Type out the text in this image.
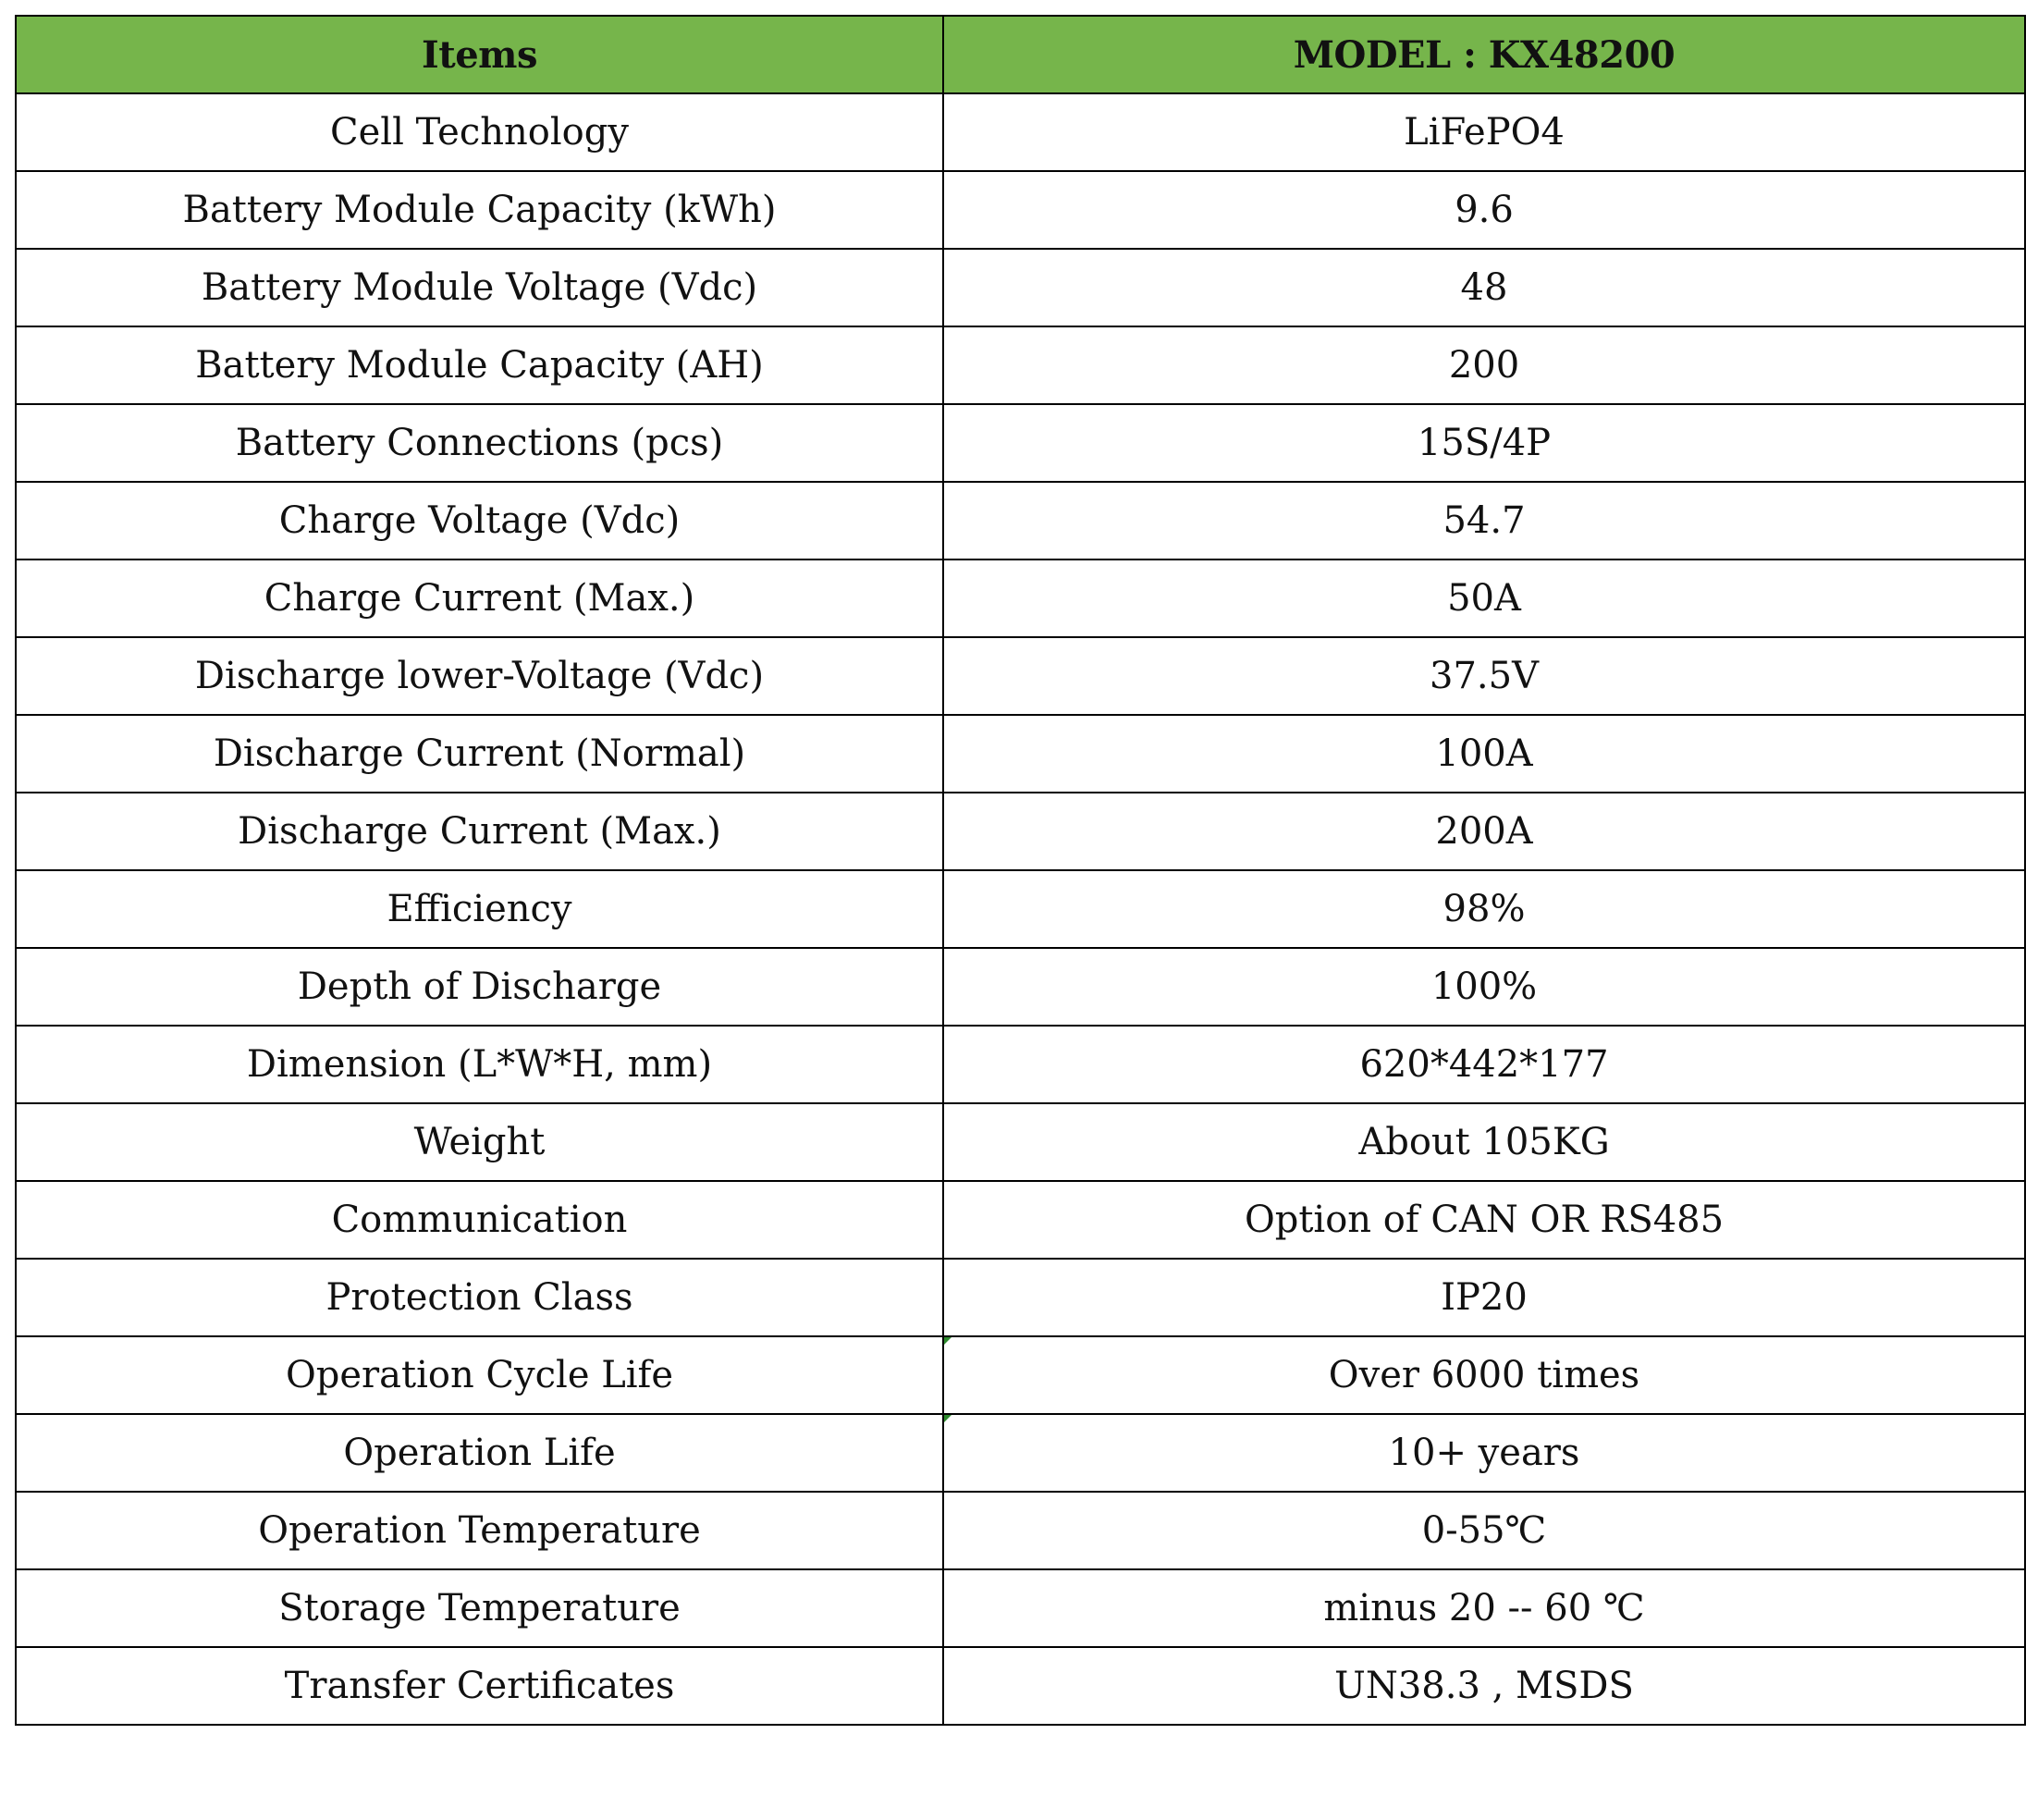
Items	MODEL : KX48200
Cell Technology	LiFePO4
Battery Module Capacity (kWh)	9.6
Battery Module Voltage (Vdc)	48
Battery Module Capacity (AH)	200
Battery Connections (pcs)	15S/4P
Charge Voltage (Vdc)	54.7
Charge Current (Max.)	50A
Discharge lower-Voltage (Vdc)	37.5V
Discharge Current (Normal)	100A
Discharge Current (Max.)	200A
Efficiency	98%
Depth of Discharge	100%
Dimension (L*W*H, mm)	620*442*177
Weight	About 105KG
Communication	Option of CAN OR RS485
Protection Class	IP20
Operation Cycle Life	Over 6000 times
Operation Life	10+ years
Operation Temperature	0-55℃
Storage Temperature	minus 20 -- 60 ℃
Transfer Certificates	UN38.3 , MSDS
